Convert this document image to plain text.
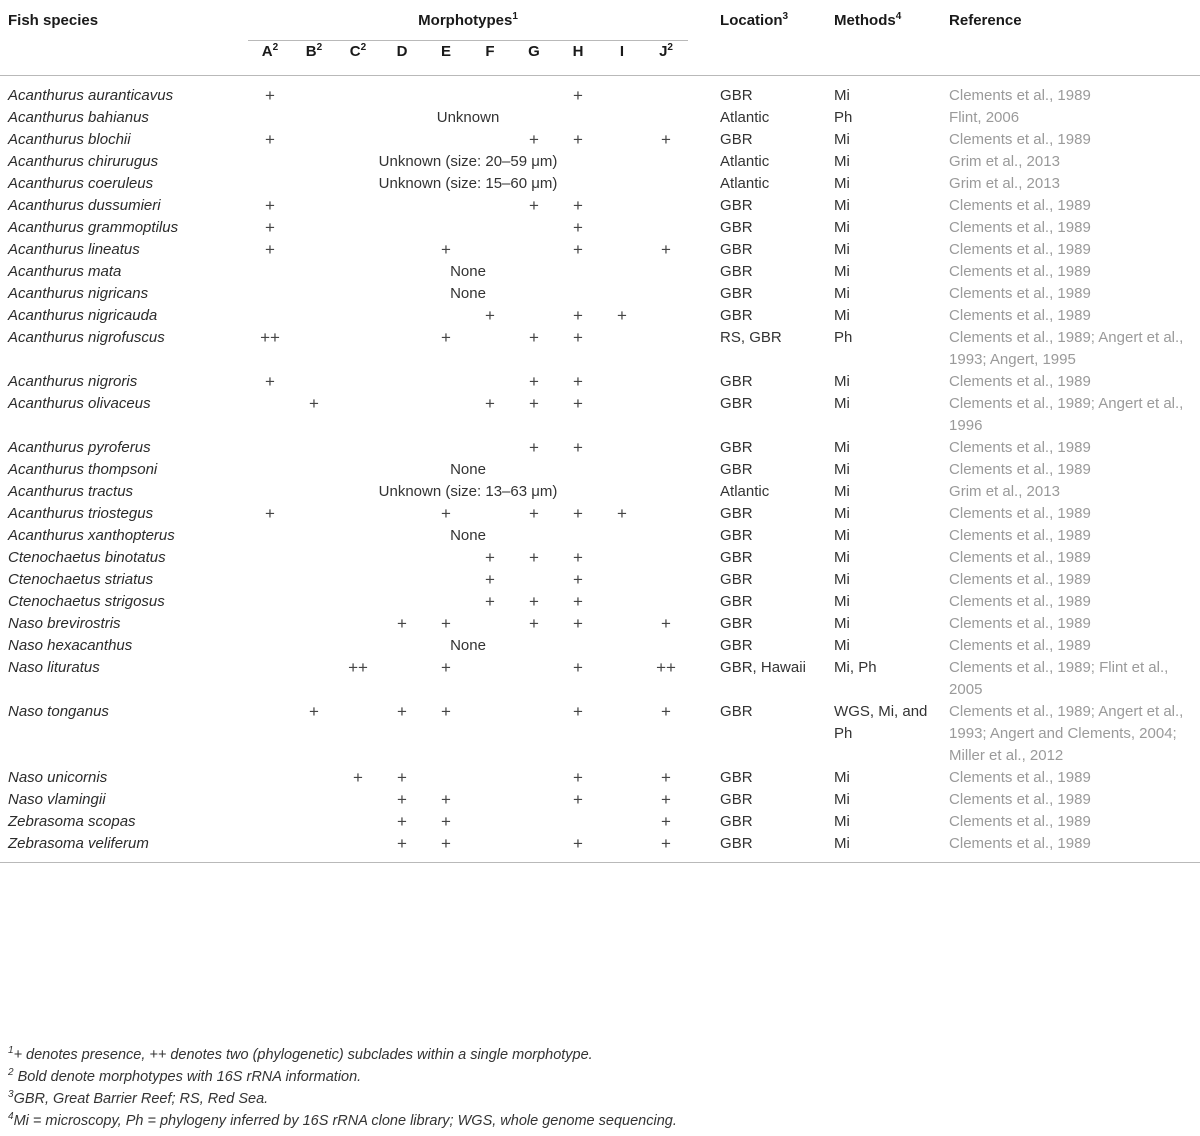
Fish species	Morphotypes$^1$											Location$^3$	Methods$^4$	Reference
	$A^2$	$B^2$	$C^2$	D	E	F	G	H	I	$J^2$				
Acanthurus auranticavus	+							+				GBR	Mi	Clements et al., 1989
Acanthurus bahianus	Unknown											Atlantic	Ph	Flint, 2006
Acanthurus blochii	+						+	+		+		GBR	Mi	Clements et al., 1989
Acanthurus chirurugus	Unknown (size: 20–59 μm)											Atlantic	Mi	Grim et al., 2013
Acanthurus coeruleus	Unknown (size: 15–60 μm)											Atlantic	Mi	Grim et al., 2013
Acanthurus dussumieri	+						+	+				GBR	Mi	Clements et al., 1989
Acanthurus grammoptilus	+							+				GBR	Mi	Clements et al., 1989
Acanthurus lineatus	+				+			+		+		GBR	Mi	Clements et al., 1989
Acanthurus mata	None											GBR	Mi	Clements et al., 1989
Acanthurus nigricans	None											GBR	Mi	Clements et al., 1989
Acanthurus nigricauda						+		+	+			GBR	Mi	Clements et al., 1989
Acanthurus nigrofuscus	++				+		+	+				RS, GBR	Ph	Clements et al., 1989; Angert et al., 1993; Angert, 1995
Acanthurus nigroris	+						+	+				GBR	Mi	Clements et al., 1989
Acanthurus olivaceus		+				+	+	+				GBR	Mi	Clements et al., 1989; Angert et al., 1996
Acanthurus pyroferus							+	+				GBR	Mi	Clements et al., 1989
Acanthurus thompsoni	None											GBR	Mi	Clements et al., 1989
Acanthurus tractus	Unknown (size: 13–63 μm)											Atlantic	Mi	Grim et al., 2013
Acanthurus triostegus	+				+		+	+	+			GBR	Mi	Clements et al., 1989
Acanthurus xanthopterus	None											GBR	Mi	Clements et al., 1989
Ctenochaetus binotatus						+	+	+				GBR	Mi	Clements et al., 1989
Ctenochaetus striatus						+		+				GBR	Mi	Clements et al., 1989
Ctenochaetus strigosus						+	+	+				GBR	Mi	Clements et al., 1989
Naso brevirostris				+	+		+	+		+		GBR	Mi	Clements et al., 1989
Naso hexacanthus	None											GBR	Mi	Clements et al., 1989
Naso lituratus			++		+			+		++		GBR, Hawaii	Mi, Ph	Clements et al., 1989; Flint et al., 2005
Naso tonganus		+		+	+			+		+		GBR	WGS, Mi, and Ph	Clements et al., 1989; Angert et al., 1993; Angert and Clements, 2004; Miller et al., 2012
Naso unicornis			+	+				+		+		GBR	Mi	Clements et al., 1989
Naso vlamingii				+	+			+		+		GBR	Mi	Clements et al., 1989
Zebrasoma scopas				+	+					+		GBR	Mi	Clements et al., 1989
Zebrasoma veliferum				+	+			+		+		GBR	Mi	Clements et al., 1989
$^1$+ denotes presence, ++ denotes two (phylogenetic) subclades within a single morphotype.
$^2$ Bold denote morphotypes with 16S rRNA information.
$^3$GBR, Great Barrier Reef; RS, Red Sea.
$^4$Mi = microscopy, Ph = phylogeny inferred by 16S rRNA clone library; WGS, whole genome sequencing.
